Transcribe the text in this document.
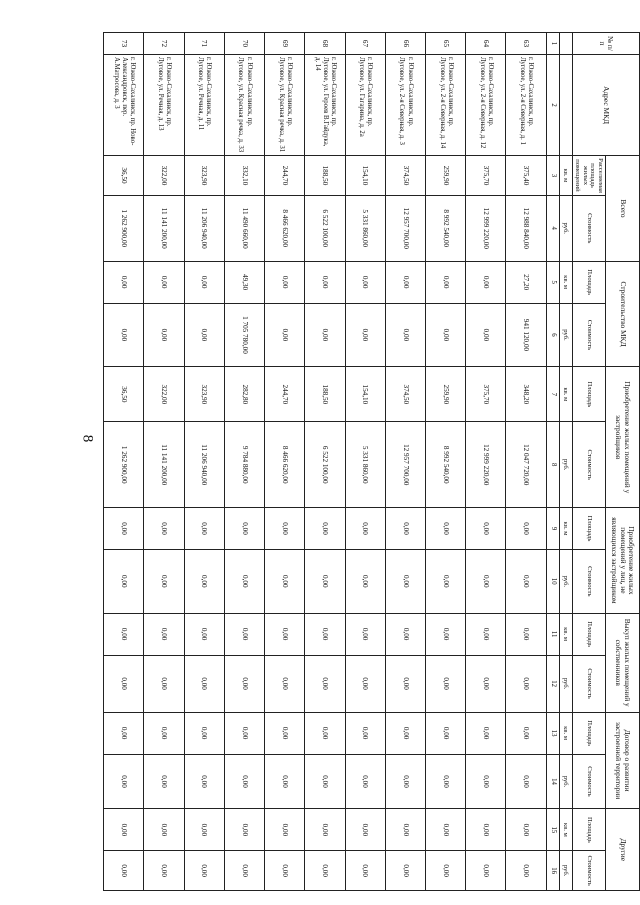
8
№ п/п	Адрес МКД	Всего		Строительство МКД		Приобретение жилых помещений у застройщиков		Приобретение жилых помещений у лиц, не являющихся застройщиком		Выкуп жилых помещений у собственников		Договор о развитии застроенной территории		Другие	
		Расселяемая площадь жилых помещений	Стоимость	Площадь	Стоимость	Площадь	Стоимость	Площадь	Стоимость	Площадь	Стоимость	Площадь	Стоимость	Площадь	Стоимость
		кв. м	руб.	кв. м	руб.	кв. м	руб.	кв. м	руб.	кв. м	руб.	кв. м	руб.	кв. м	руб.
1	2	3	4	5	6	7	8	9	10	11	12	13	14	15	16
63	г. Южно-Сахалинск, пр. Луговое, ул. 2-я Северная, д. 1	375,40	12 988 840,00	27,20	941 120,00	348,20	12 047 720,00	0,00	0,00	0,00	0,00	0,00	0,00	0,00	0,00
64	г. Южно-Сахалинск, пр. Луговое, ул. 2-я Северная, д. 12	375,70	12 999 220,00	0,00	0,00	375,70	12 999 220,00	0,00	0,00	0,00	0,00	0,00	0,00	0,00	0,00
65	г. Южно-Сахалинск, пр. Луговое, ул. 2-я Северная, д. 14	259,90	8 992 540,00	0,00	0,00	259,90	8 992 540,00	0,00	0,00	0,00	0,00	0,00	0,00	0,00	0,00
66	г. Южно-Сахалинск, пр. Луговое, ул. 2-я Северная, д. 3	374,50	12 957 700,00	0,00	0,00	374,50	12 957 700,00	0,00	0,00	0,00	0,00	0,00	0,00	0,00	0,00
67	г. Южно-Сахалинск, пр. Луговое, ул. Гагарина, д. 2а	154,10	5 331 860,00	0,00	0,00	154,10	5 331 860,00	0,00	0,00	0,00	0,00	0,00	0,00	0,00	0,00
68	г. Южно-Сахалинск, пр. Луговое, ул. Героев В.Гайдука, д. 14	188,50	6 522 100,00	0,00	0,00	188,50	6 522 100,00	0,00	0,00	0,00	0,00	0,00	0,00	0,00	0,00
69	г. Южно-Сахалинск, пр. Луговое, ул. Красная речка, д. 31	244,70	8 466 620,00	0,00	0,00	244,70	8 466 620,00	0,00	0,00	0,00	0,00	0,00	0,00	0,00	0,00
70	г. Южно-Сахалинск, пр. Луговое, ул. Красная речка, д. 33	332,10	11 490 660,00	49,30	1 705 780,00	282,80	9 784 880,00	0,00	0,00	0,00	0,00	0,00	0,00	0,00	0,00
71	г. Южно-Сахалинск, пр. Луговое, ул. Речная, д. 11	323,90	11 206 940,00	0,00	0,00	323,90	11 206 940,00	0,00	0,00	0,00	0,00	0,00	0,00	0,00	0,00
72	г. Южно-Сахалинск, пр. Луговое, ул. Речная, д. 13	322,00	11 141 200,00	0,00	0,00	322,00	11 141 200,00	0,00	0,00	0,00	0,00	0,00	0,00	0,00	0,00
73	г. Южно-Сахалинск, пр. Ново-Александровск, пер. А.Матросова, д. 3	36,50	1 262 900,00	0,00	0,00	36,50	1 262 900,00	0,00	0,00	0,00	0,00	0,00	0,00	0,00	0,00
